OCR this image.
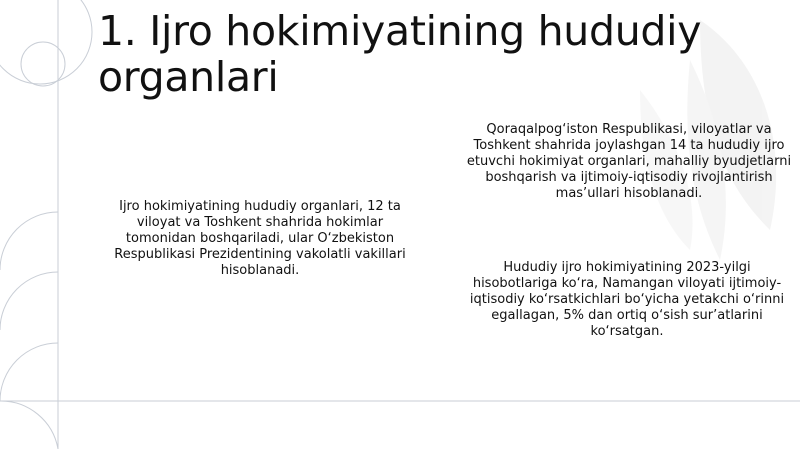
1. Ijro hokimiyatining hududiy organlari

Ijro hokimiyatining hududiy organlari, 12 ta viloyat va Toshkent shahrida hokimlar tomonidan boshqariladi, ular O‘zbekiston Respublikasi Prezidentining vakolatli vakillari hisoblanadi.

Qoraqalpog‘iston Respublikasi, viloyatlar va Toshkent shahrida joylashgan 14 ta hududiy ijro etuvchi hokimiyat organlari, mahalliy byudjetlarni boshqarish va ijtimoiy-iqtisodiy rivojlantirish mas’ullari hisoblanadi.

Hududiy ijro hokimiyatining 2023-yilgi hisobotlariga ko‘ra, Namangan viloyati ijtimoiy-iqtisodiy ko‘rsatkichlari bo‘yicha yetakchi o‘rinni egallagan, 5% dan ortiq o‘sish sur’atlarini ko‘rsatgan.
